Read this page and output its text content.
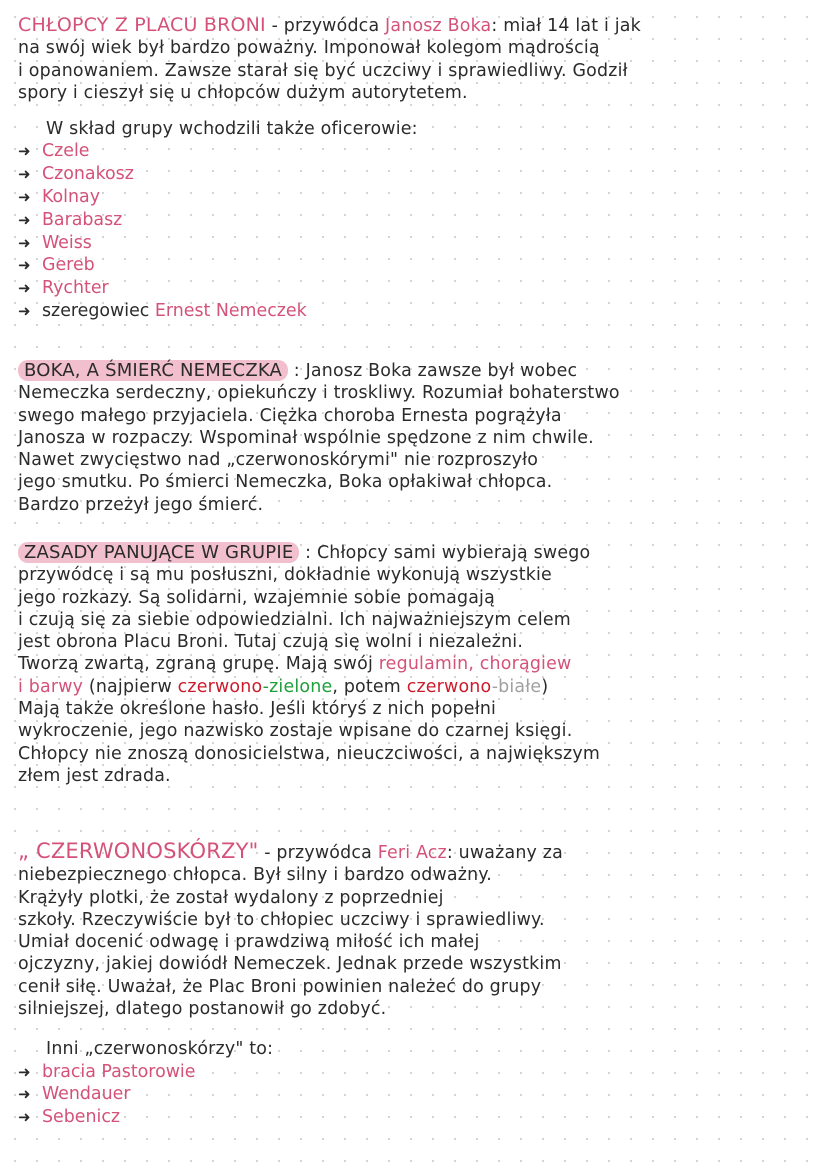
CHŁOPCY Z PLACU BRONI - przywódca Janosz Boka: miał 14 lat i jak
na swój wiek był bardzo poważny. Imponował kolegom mądrością
i opanowaniem. Zawsze starał się być uczciwy i sprawiedliwy. Godził
spory i cieszył się u chłopców dużym autorytetem.
W skład grupy wchodzili także oficerowie:
➜ Czele
➜ Czonakosz
➜ Kolnay
➜ Barabasz
➜ Weiss
➜ Gereb
➜ Rychter
➜ szeregowiec Ernest Nemeczek
BOKA, A ŚMIERĆ NEMECZKA : Janosz Boka zawsze był wobec
Nemeczka serdeczny, opiekuńczy i troskliwy. Rozumiał bohaterstwo
swego małego przyjaciela. Ciężka choroba Ernesta pogrążyła
Janosza w rozpaczy. Wspominał wspólnie spędzone z nim chwile.
Nawet zwycięstwo nad „czerwonoskórymi" nie rozproszyło
jego smutku. Po śmierci Nemeczka, Boka opłakiwał chłopca.
Bardzo przeżył jego śmierć.
ZASADY PANUJĄCE W GRUPIE : Chłopcy sami wybierają swego
przywódcę i są mu posłuszni, dokładnie wykonują wszystkie
jego rozkazy. Są solidarni, wzajemnie sobie pomagają
i czują się za siebie odpowiedzialni. Ich najważniejszym celem
jest obrona Placu Broni. Tutaj czują się wolni i niezależni.
Tworzą zwartą, zgraną grupę. Mają swój regulamin, chorągiew
i barwy (najpierw czerwono-zielone, potem czerwono-białe)
Mają także określone hasło. Jeśli któryś z nich popełni
wykroczenie, jego nazwisko zostaje wpisane do czarnej księgi.
Chłopcy nie znoszą donosicielstwa, nieuczciwości, a największym
złem jest zdrada.
„ CZERWONOSKÓRZY" - przywódca Feri Acz: uważany za
niebezpiecznego chłopca. Był silny i bardzo odważny.
Krążyły plotki, że został wydalony z poprzedniej
szkoły. Rzeczywiście był to chłopiec uczciwy i sprawiedliwy.
Umiał docenić odwagę i prawdziwą miłość ich małej
ojczyzny, jakiej dowiódł Nemeczek. Jednak przede wszystkim
cenił siłę. Uważał, że Plac Broni powinien należeć do grupy
silniejszej, dlatego postanowił go zdobyć.
Inni „czerwonoskórzy" to:
➜ bracia Pastorowie
➜ Wendauer
➜ Sebenicz
